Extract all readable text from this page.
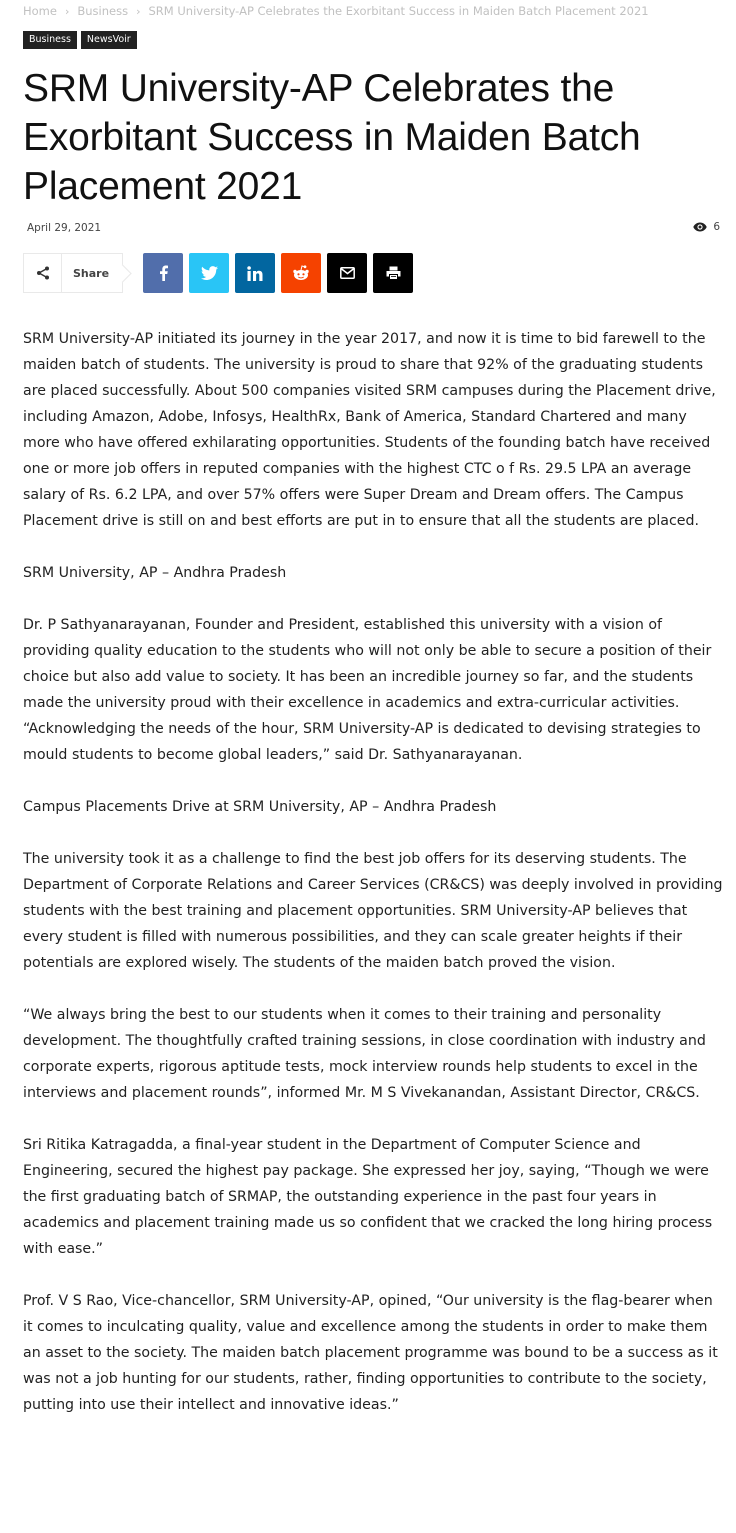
Home › Business › SRM University-AP Celebrates the Exorbitant Success in Maiden Batch Placement 2021
Business	NewsVoir
SRM University-AP Celebrates the Exorbitant Success in Maiden Batch Placement 2021
April 29, 2021	6
Share

SRM University-AP initiated its journey in the year 2017, and now it is time to bid farewell to the maiden batch of students. The university is proud to share that 92% of the graduating students are placed successfully. About 500 companies visited SRM campuses during the Placement drive, including Amazon, Adobe, Infosys, HealthRx, Bank of America, Standard Chartered and many more who have offered exhilarating opportunities. Students of the founding batch have received one or more job offers in reputed companies with the highest CTC o f Rs. 29.5 LPA an average salary of Rs. 6.2 LPA, and over 57% offers were Super Dream and Dream offers. The Campus Placement drive is still on and best efforts are put in to ensure that all the students are placed.

SRM University, AP – Andhra Pradesh

Dr. P Sathyanarayanan, Founder and President, established this university with a vision of providing quality education to the students who will not only be able to secure a position of their choice but also add value to society. It has been an incredible journey so far, and the students made the university proud with their excellence in academics and extra-curricular activities. “Acknowledging the needs of the hour, SRM University-AP is dedicated to devising strategies to mould students to become global leaders,” said Dr. Sathyanarayanan.

Campus Placements Drive at SRM University, AP – Andhra Pradesh

The university took it as a challenge to find the best job offers for its deserving students. The Department of Corporate Relations and Career Services (CR&CS) was deeply involved in providing students with the best training and placement opportunities. SRM University-AP believes that every student is filled with numerous possibilities, and they can scale greater heights if their potentials are explored wisely. The students of the maiden batch proved the vision.

“We always bring the best to our students when it comes to their training and personality development. The thoughtfully crafted training sessions, in close coordination with industry and corporate experts, rigorous aptitude tests, mock interview rounds help students to excel in the interviews and placement rounds”, informed Mr. M S Vivekanandan, Assistant Director, CR&CS.

Sri Ritika Katragadda, a final-year student in the Department of Computer Science and Engineering, secured the highest pay package. She expressed her joy, saying, “Though we were the first graduating batch of SRMAP, the outstanding experience in the past four years in academics and placement training made us so confident that we cracked the long hiring process with ease.”

Prof. V S Rao, Vice-chancellor, SRM University-AP, opined, “Our university is the flag-bearer when it comes to inculcating quality, value and excellence among the students in order to make them an asset to the society. The maiden batch placement programme was bound to be a success as it was not a job hunting for our students, rather, finding opportunities to contribute to the society, putting into use their intellect and innovative ideas.”
